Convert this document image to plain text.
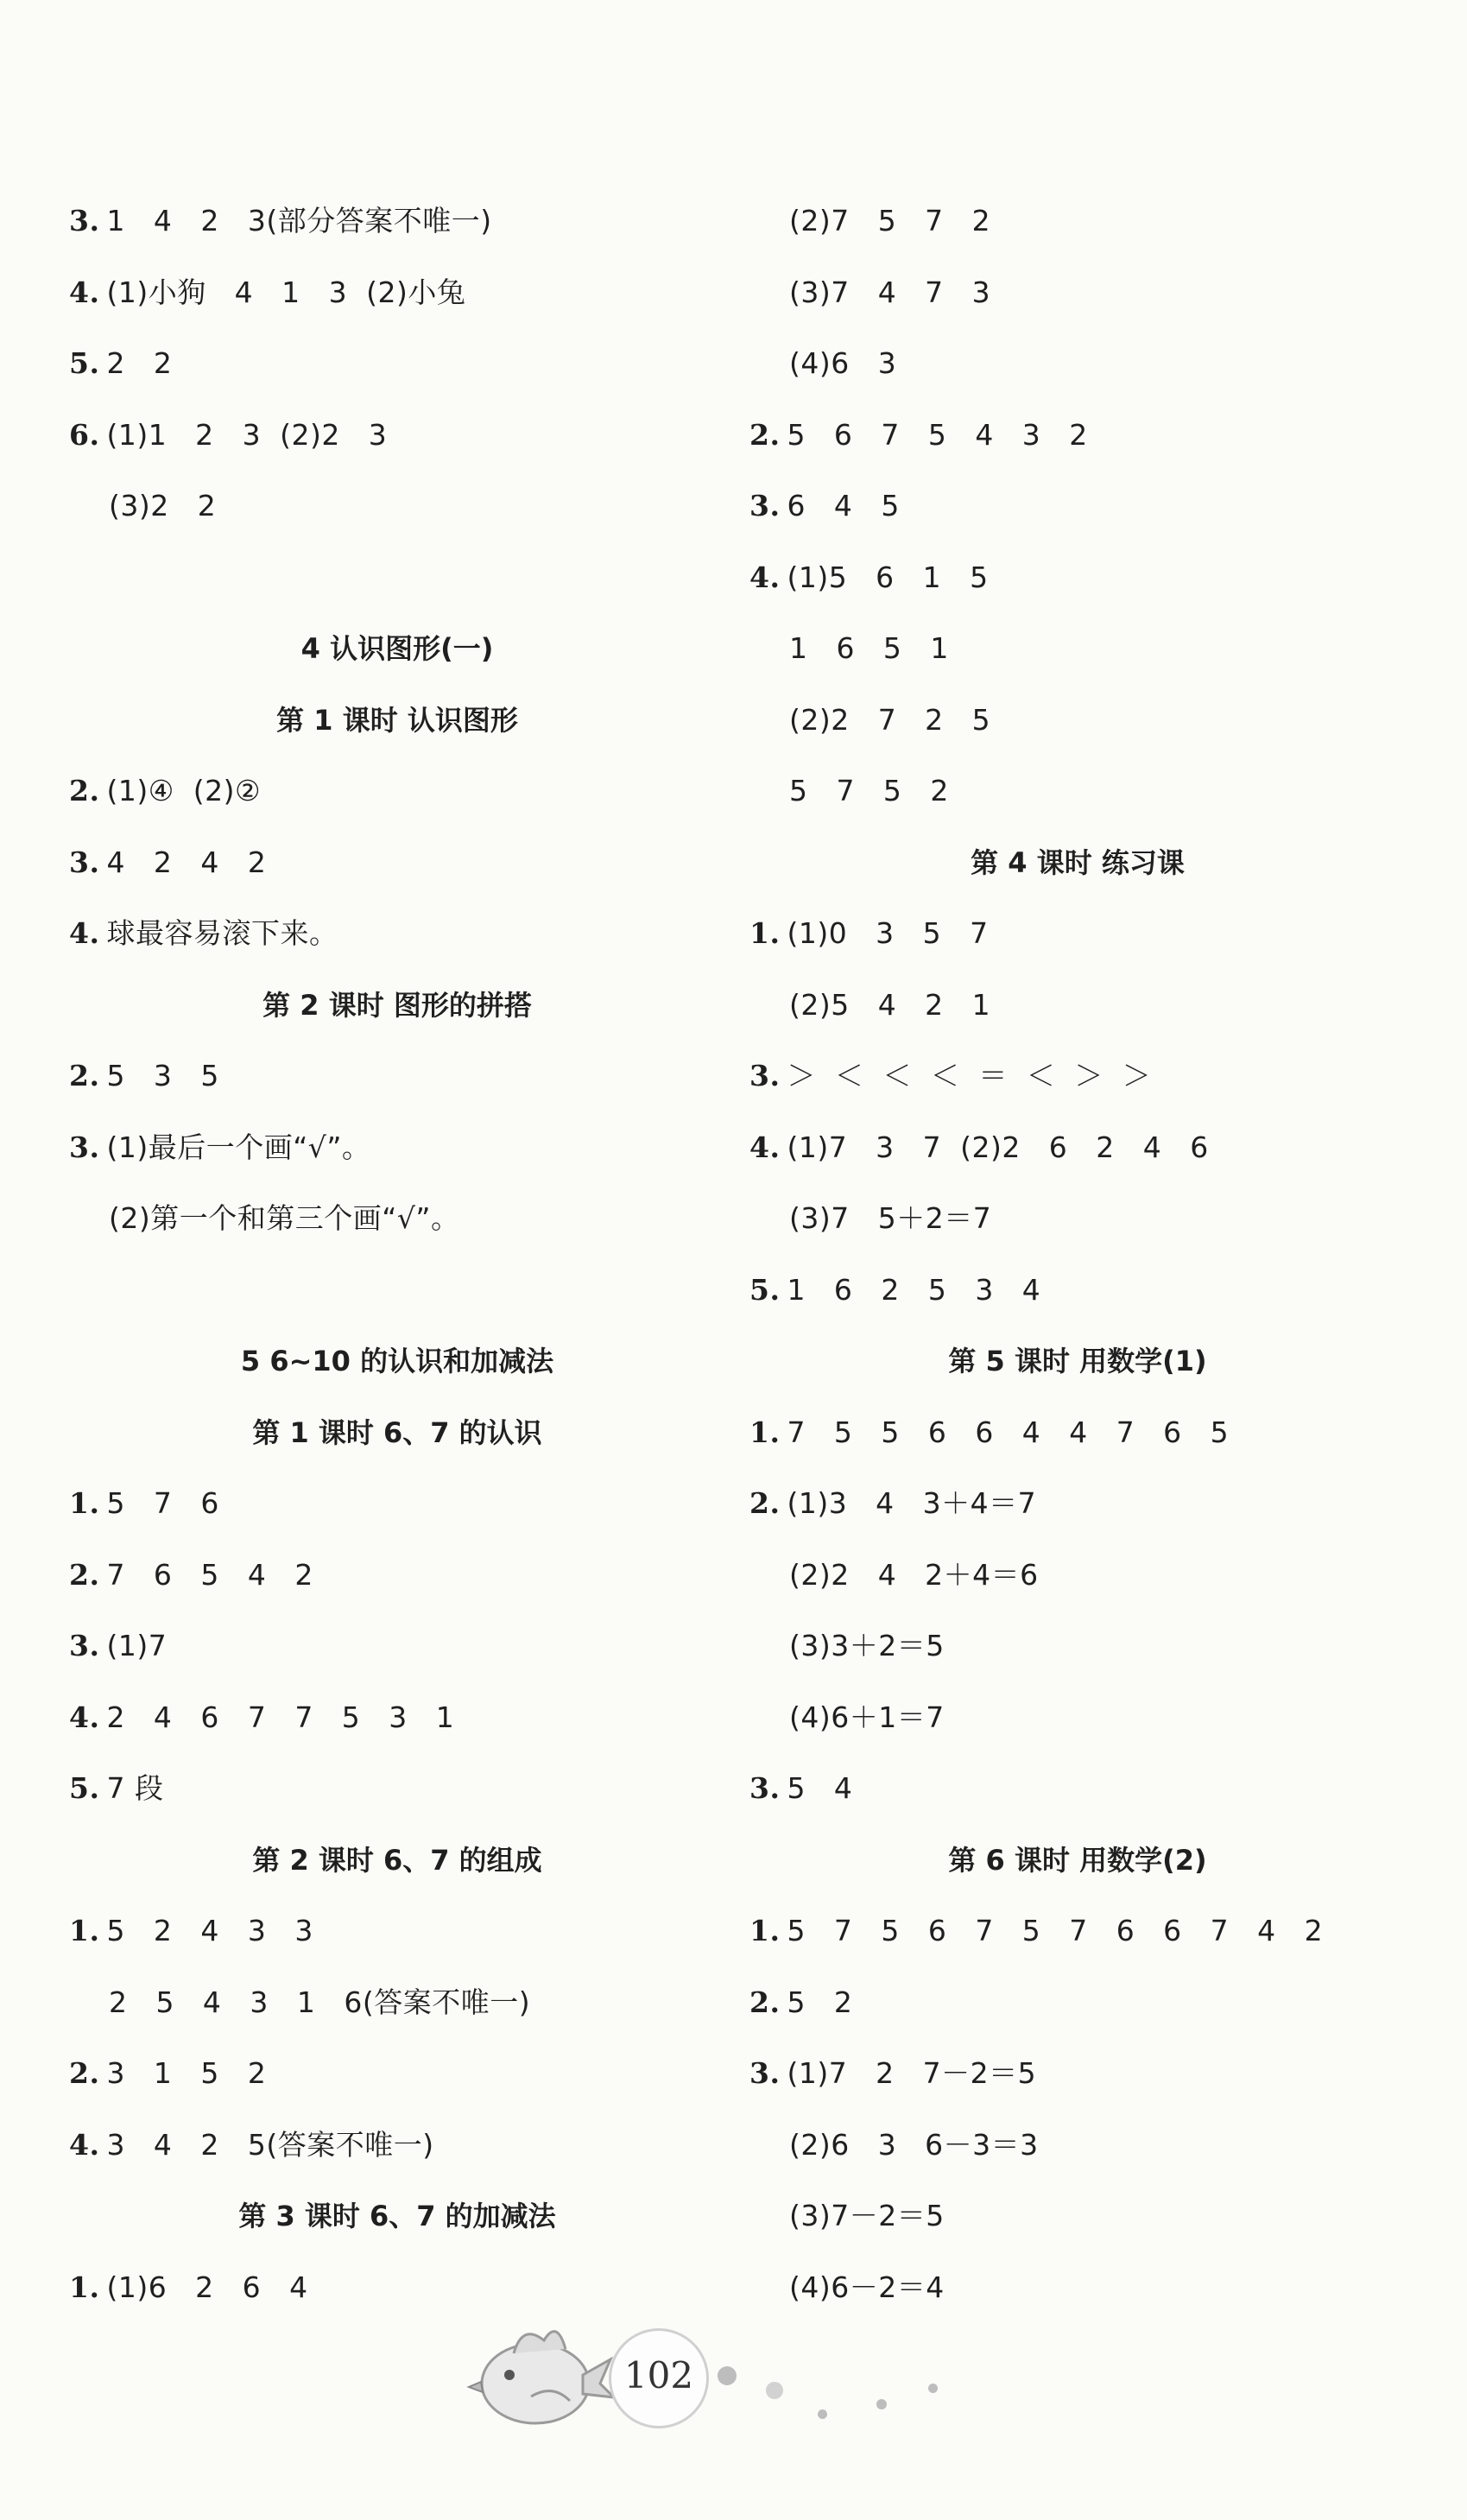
3. 1   4   2   3(部分答案不唯一)
4. (1)小狗   4   1   3  (2)小兔
5. 2   2
6. (1)1   2   3  (2)2   3
(3)2   2
4 认识图形(一)
第 1 课时 认识图形
2. (1)④  (2)②
3. 4   2   4   2
4. 球最容易滚下来。
第 2 课时 图形的拼搭
2. 5   3   5
3. (1)最后一个画“√”。
(2)第一个和第三个画“√”。
5 6~10 的认识和加减法
第 1 课时 6、7 的认识
1. 5   7   6
2. 7   6   5   4   2
3. (1)7
4. 2   4   6   7   7   5   3   1
5. 7 段
第 2 课时 6、7 的组成
1. 5   2   4   3   3
2   5   4   3   1   6(答案不唯一)
2. 3   1   5   2
4. 3   4   2   5(答案不唯一)
第 3 课时 6、7 的加减法
1. (1)6   2   6   4
(2)7   5   7   2
(3)7   4   7   3
(4)6   3
2. 5   6   7   5   4   3   2
3. 6   4   5
4. (1)5   6   1   5
1   6   5   1
(2)2   7   2   5
5   7   5   2
第 4 课时 练习课
1. (1)0   3   5   7
(2)5   4   2   1
3. ＞  ＜  ＜  ＜  ＝  ＜  ＞  ＞
4. (1)7   3   7  (2)2   6   2   4   6
(3)7   5＋2＝7
5. 1   6   2   5   3   4
第 5 课时 用数学(1)
1. 7   5   5   6   6   4   4   7   6   5
2. (1)3   4   3＋4＝7
(2)2   4   2＋4＝6
(3)3＋2＝5
(4)6＋1＝7
3. 5   4
第 6 课时 用数学(2)
1. 5   7   5   6   7   5   7   6   6   7   4   2
2. 5   2
3. (1)7   2   7－2＝5
(2)6   3   6－3＝3
(3)7－2＝5
(4)6－2＝4
102
